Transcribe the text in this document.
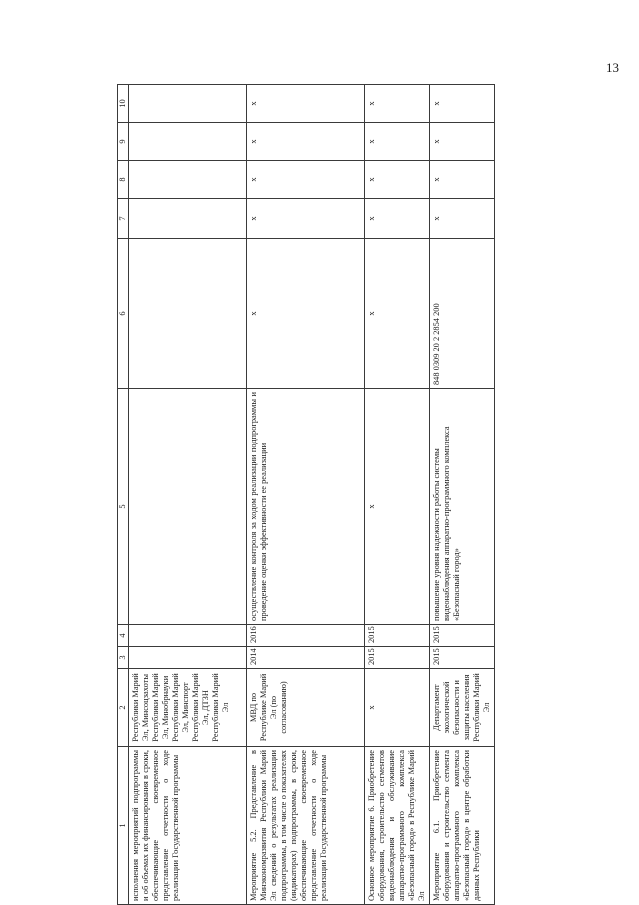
13
1	2	3	4	5	6	7	8	9	10
исполнения мероприятий подпрограммы и об объемах их финансирования в сроки, обеспечивающие своевременное представление отчетности о ходе реализации Государственной программы	Республики Марий Эл, Минсоцзахоты Республики Марий Эл, Минобрнауки Республики Марий Эл, Минспорт Республики Марий Эл, ДТЗН Республики Марий Эл								
Мероприятие 5.2. Представление в Минэкономразвития Республики Марий Эл сведений о результатах реализации подпрограммы, в том числе о показателях (индикаторах) подпрограммы, в сроки, обеспечивающие своевременное представление отчетности о ходе реализации Государственной программы	МВД по Республике Марий Эл (по согласованию)	2014	2016	осуществление контроля за ходом реализации подпрограммы и проведение оценки эффективности ее реализации	х	х	х	х	х
Основное мероприятие 6. Приобретение оборудования, строительство сегментов видеонаблюдения и обслуживание аппаратно-программного комплекса «Безопасный город» в Республике Марий Эл	х	2015	2015	х	х	х	х	х	х
Мероприятие 6.1. Приобретение оборудования и строительство сегмента аппаратно-программного комплекса «Безопасный город» в центре обработки данных Республики	Департамент экологической безопасности и защиты населения Республики Марий Эл	2015	2015	повышение уровня надежности работы системы видеонаблюдения аппаратно-программного комплекса «Безопасный город»	848 0309 20 2 2854 200	х	х	х	х
